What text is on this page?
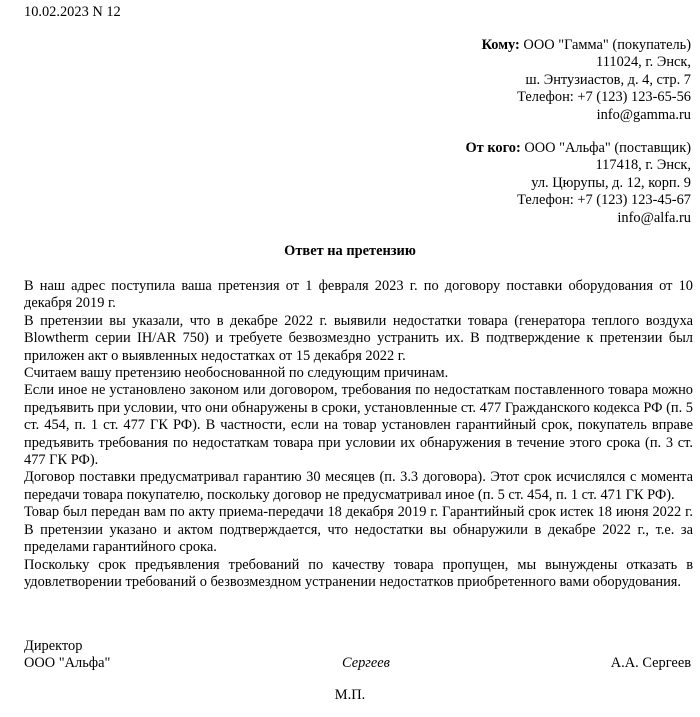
10.02.2023 N 12
Кому: ООО "Гамма" (покупатель)
111024, г. Энск,
ш. Энтузиастов, д. 4, стр. 7
Телефон: +7 (123) 123-65-56
info@gamma.ru
От кого: ООО "Альфа" (поставщик)
117418, г. Энск,
ул. Цюрупы, д. 12, корп. 9
Телефон: +7 (123) 123-45-67
info@alfa.ru
Ответ на претензию
В наш адрес поступила ваша претензия от 1 февраля 2023 г. по договору поставки оборудования от 10 декабря 2019 г.
В претензии вы указали, что в декабре 2022 г. выявили недостатки товара (генератора теплого воздуха Blowtherm серии IH/AR 750) и требуете безвозмездно устранить их. В подтверждение к претензии был приложен акт о выявленных недостатках от 15 декабря 2022 г.
Считаем вашу претензию необоснованной по следующим причинам.
Если иное не установлено законом или договором, требования по недостаткам поставленного товара можно предъявить при условии, что они обнаружены в сроки, установленные ст. 477 Гражданского кодекса РФ (п. 5 ст. 454, п. 1 ст. 477 ГК РФ). В частности, если на товар установлен гарантийный срок, покупатель вправе предъявить требования по недостаткам товара при условии их обнаружения в течение этого срока (п. 3 ст. 477 ГК РФ).
Договор поставки предусматривал гарантию 30 месяцев (п. 3.3 договора). Этот срок исчислялся с момента передачи товара покупателю, поскольку договор не предусматривал иное (п. 5 ст. 454, п. 1 ст. 471 ГК РФ).
Товар был передан вам по акту приема-передачи 18 декабря 2019 г. Гарантийный срок истек 18 июня 2022 г. В претензии указано и актом подтверждается, что недостатки вы обнаружили в декабре 2022 г., т.е. за пределами гарантийного срока.
Поскольку срок предъявления требований по качеству товара пропущен, мы вынуждены отказать в удовлетворении требований о безвозмездном устранении недостатков приобретенного вами оборудования.
Директор
ООО "Альфа"	Сергеев	А.А. Сергеев
М.П.
